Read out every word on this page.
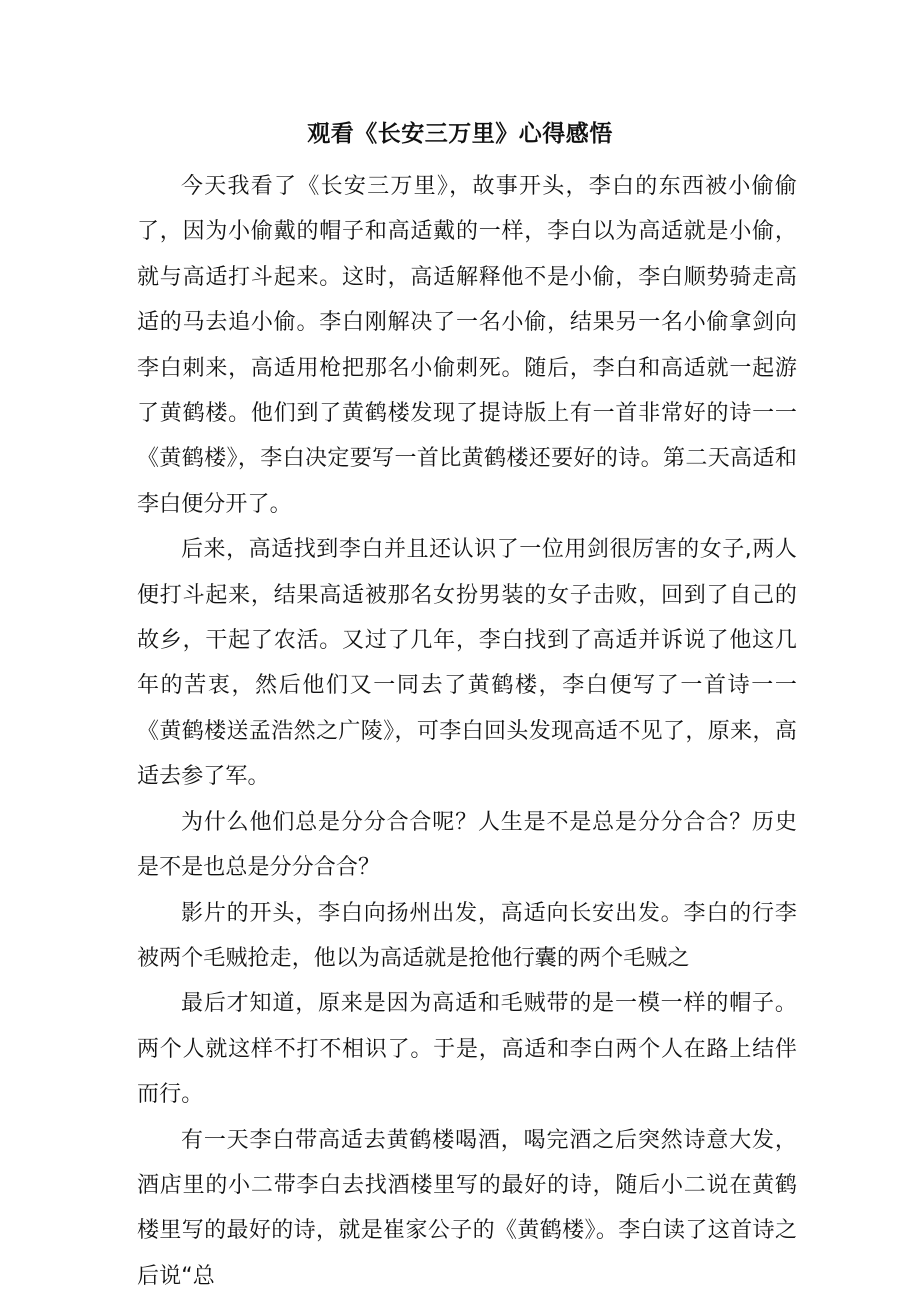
观看《长安三万里》心得感悟

今天我看了《长安三万里》，故事开头，李白的东西被小偷偷了，因为小偷戴的帽子和高适戴的一样，李白以为高适就是小偷，就与高适打斗起来。这时，高适解释他不是小偷，李白顺势骑走高适的马去追小偷。李白刚解决了一名小偷，结果另一名小偷拿剑向李白刺来，高适用枪把那名小偷刺死。随后，李白和高适就一起游了黄鹤楼。他们到了黄鹤楼发现了提诗版上有一首非常好的诗一一《黄鹤楼》，李白决定要写一首比黄鹤楼还要好的诗。第二天高适和李白便分开了。

后来，高适找到李白并且还认识了一位用剑很厉害的女子,两人便打斗起来，结果高适被那名女扮男装的女子击败，回到了自己的故乡，干起了农活。又过了几年，李白找到了高适并诉说了他这几年的苦衷，然后他们又一同去了黄鹤楼，李白便写了一首诗一一《黄鹤楼送孟浩然之广陵》，可李白回头发现高适不见了，原来，高适去参了军。

为什么他们总是分分合合呢？人生是不是总是分分合合？历史是不是也总是分分合合？

影片的开头，李白向扬州出发，高适向长安出发。李白的行李被两个毛贼抢走，他以为高适就是抢他行囊的两个毛贼之

最后才知道，原来是因为高适和毛贼带的是一模一样的帽子。两个人就这样不打不相识了。于是，高适和李白两个人在路上结伴而行。

有一天李白带高适去黄鹤楼喝酒，喝完酒之后突然诗意大发，酒店里的小二带李白去找酒楼里写的最好的诗，随后小二说在黄鹤楼里写的最好的诗，就是崔家公子的《黄鹤楼》。李白读了这首诗之后说“总
